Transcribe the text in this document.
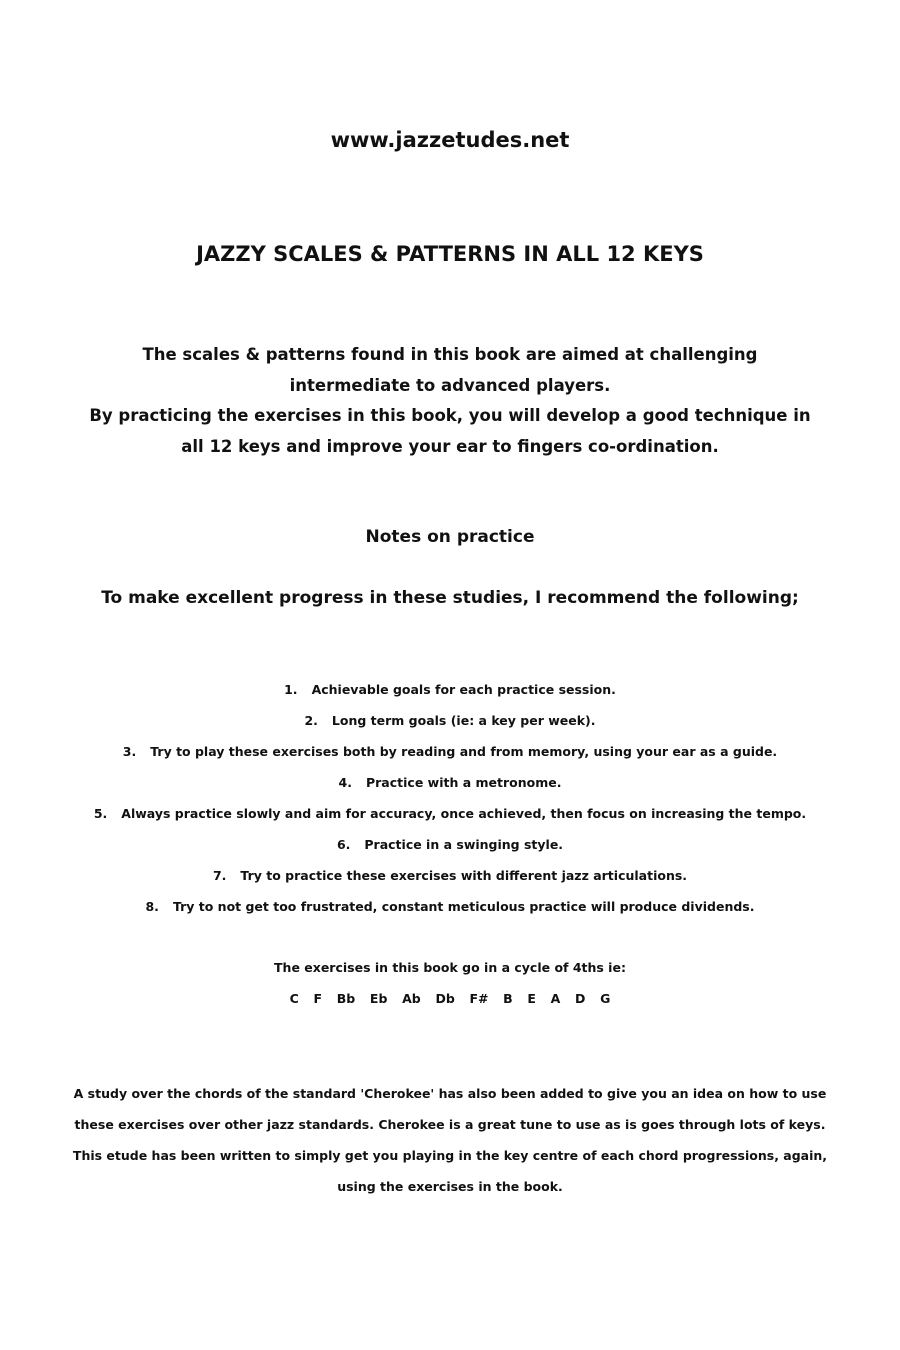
www.jazzetudes.net
JAZZY SCALES & PATTERNS IN ALL 12 KEYS

The scales & patterns found in this book are aimed at challenging intermediate to advanced players.

By practicing the exercises in this book, you will develop a good technique in all 12 keys and improve your ear to fingers co-ordination.

Notes on practice
To make excellent progress in these studies, I recommend the following;
1. Achievable goals for each practice session.
2. Long term goals (ie: a key per week).
3. Try to play these exercises both by reading and from memory, using your ear as a guide.
4. Practice with a metronome.
5. Always practice slowly and aim for accuracy, once achieved, then focus on increasing the tempo.
6. Practice in a swinging style.
7. Try to practice these exercises with different jazz articulations.
8. Try to not get too frustrated, constant meticulous practice will produce dividends.
The exercises in this book go in a cycle of 4ths ie:
C  F  Bb  Eb  Ab  Db  F#  B  E  A  D  G

A study over the chords of the standard 'Cherokee' has also been added to give you an idea on how to use these exercises over other jazz standards. Cherokee is a great tune to use as is goes through lots of keys. This etude has been written to simply get you playing in the key centre of each chord progressions, again, using the exercises in the book.
